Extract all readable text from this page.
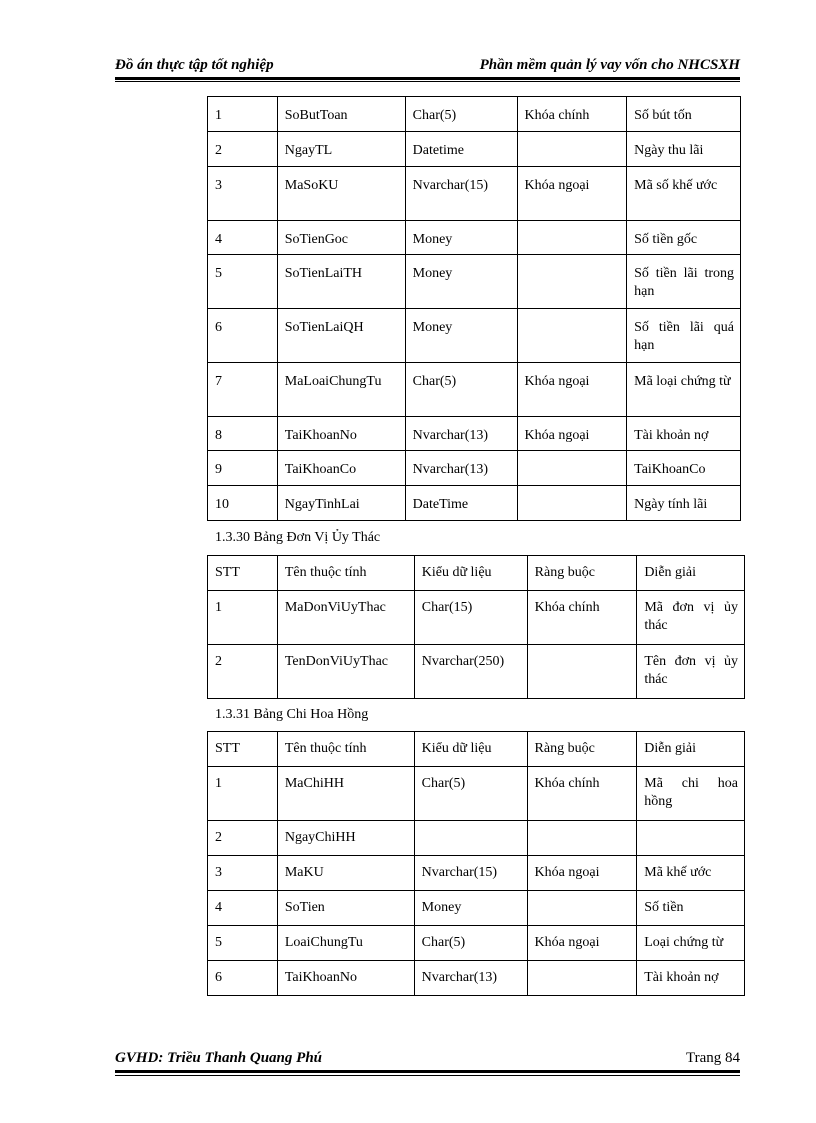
Đồ án thực tập tốt nghiệp	Phần mềm quản lý vay vốn cho NHCSXH
1	SoButToan	Char(5)	Khóa chính	Số bút tốn
2	NgayTL	Datetime		Ngày thu lãi
3	MaSoKU	Nvarchar(15)	Khóa ngoại	Mã số khế ước
4	SoTienGoc	Money		Số tiền gốc
5	SoTienLaiTH	Money		Số tiền lãi trong hạn
6	SoTienLaiQH	Money		Số tiền lãi quá hạn
7	MaLoaiChungTu	Char(5)	Khóa ngoại	Mã loại chứng từ
8	TaiKhoanNo	Nvarchar(13)	Khóa ngoại	Tài khoản nợ
9	TaiKhoanCo	Nvarchar(13)		TaiKhoanCo
10	NgayTinhLai	DateTime		Ngày tính lãi
1.3.30 Bảng Đơn Vị Ủy Thác
STT	Tên thuộc tính	Kiểu dữ liệu	Ràng buộc	Diễn giải
1	MaDonViUyThac	Char(15)	Khóa chính	Mã đơn vị ủy thác
2	TenDonViUyThac	Nvarchar(250)		Tên đơn vị ủy thác
1.3.31 Bảng Chi Hoa Hồng
STT	Tên thuộc tính	Kiểu dữ liệu	Ràng buộc	Diễn giải
1	MaChiHH	Char(5)	Khóa chính	Mã chi hoa hồng
2	NgayChiHH			
3	MaKU	Nvarchar(15)	Khóa ngoại	Mã khế ước
4	SoTien	Money		Số tiền
5	LoaiChungTu	Char(5)	Khóa ngoại	Loại chứng từ
6	TaiKhoanNo	Nvarchar(13)		Tài khoản nợ
GVHD: Triều Thanh Quang Phú	Trang 84
